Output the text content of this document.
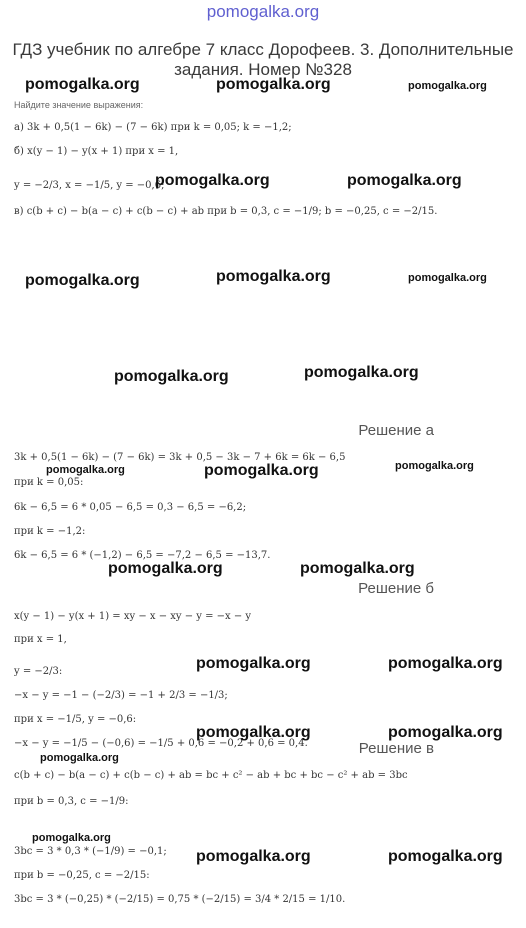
pomogalka.org
ГДЗ учебник по алгебре 7 класс Дорофеев. 3. Дополнительные задания. Номер №328
pomogalka.org	pomogalka.org	pomogalka.org
Найдите значение выражения:
а) 3k + 0,5(1 − 6k) − (7 − 6k) при k = 0,05; k = −1,2;
б) x(y − 1) − y(x + 1) при x = 1,
y = −2/3, x = −1/5, y = −0,6;
pomogalka.org	pomogalka.org
в) c(b + c) − b(a − c) + c(b − c) + ab при b = 0,3, c = −1/9; b = −0,25, c = −2/15.
pomogalka.org	pomogalka.org	pomogalka.org
pomogalka.org	pomogalka.org
Решение а
3k + 0,5(1 − 6k) − (7 − 6k) = 3k + 0,5 − 3k − 7 + 6k = 6k − 6,5
pomogalka.org	pomogalka.org	pomogalka.org
при k = 0,05:
6k − 6,5 = 6 * 0,05 − 6,5 = 0,3 − 6,5 = −6,2;
при k = −1,2:
6k − 6,5 = 6 * (−1,2) − 6,5 = −7,2 − 6,5 = −13,7.
pomogalka.org	pomogalka.org
Решение б
x(y − 1) − y(x + 1) = xy − x − xy − y = −x − y
при x = 1,
pomogalka.org	pomogalka.org
y = −2/3:
−x − y = −1 − (−2/3) = −1 + 2/3 = −1/3;
при x = −1/5, y = −0,6:
−x − y = −1/5 − (−0,6) = −1/5 + 0,6 = −0,2 + 0,6 = 0,4.
pomogalka.org
pomogalka.org	pomogalka.org
Решение в
c(b + c) − b(a − c) + c(b − c) + ab = bc + c² − ab + bc + bc − c² + ab = 3bc
при b = 0,3, c = −1/9:
pomogalka.org
3bc = 3 * 0,3 * (−1/9) = −0,1; pomogalka.org	pomogalka.org
при b = −0,25, c = −2/15:
3bc = 3 * (−0,25) * (−2/15) = 0,75 * (−2/15) = 3/4 * 2/15 = 1/10.
